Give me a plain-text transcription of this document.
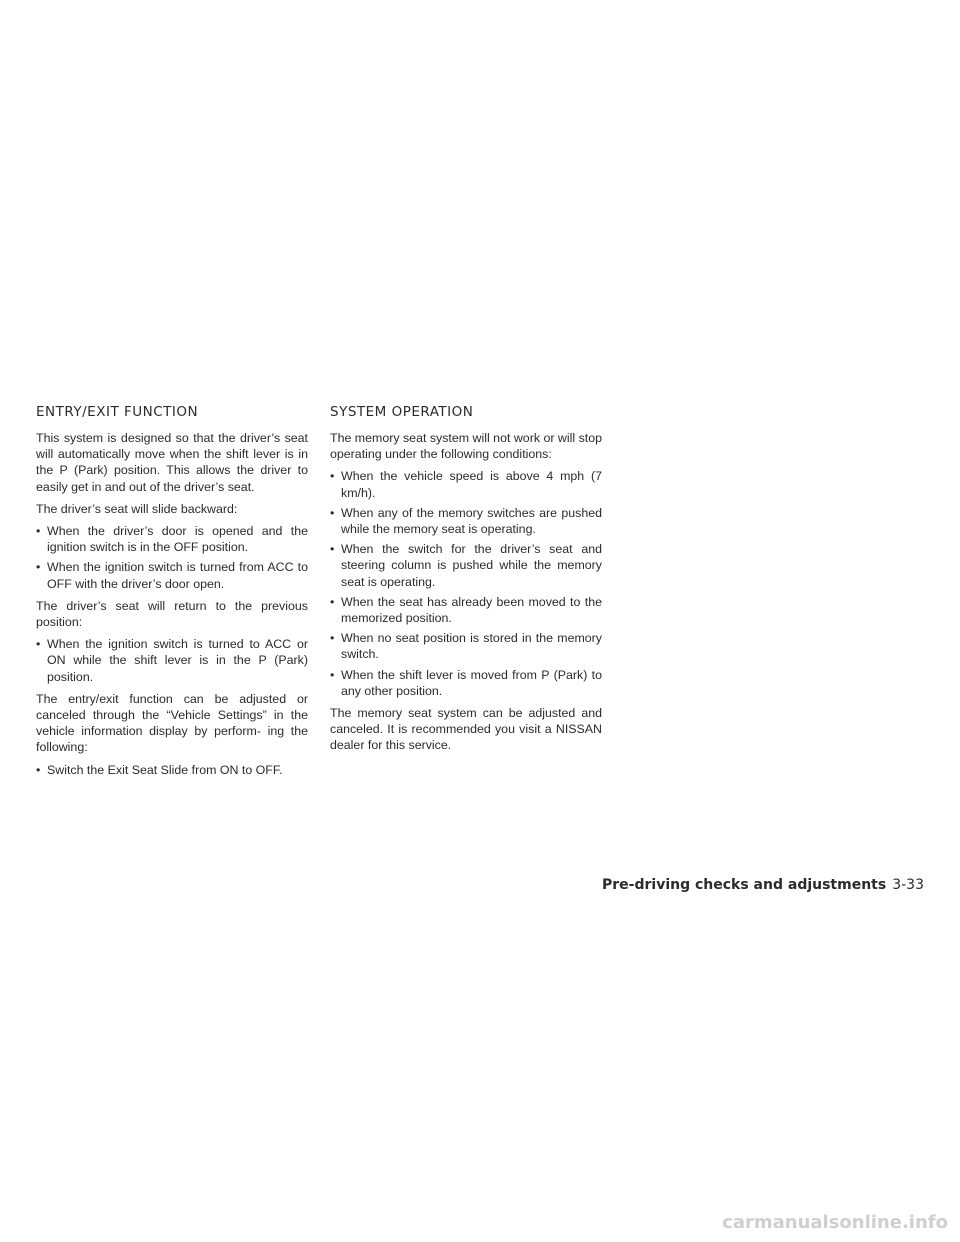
ENTRY/EXIT FUNCTION

This system is designed so that the driver’s seat will automatically move when the shift lever is in the P (Park) position. This allows the driver to easily get in and out of the driver’s seat.

The driver’s seat will slide backward:

• When the driver’s door is opened and the ignition switch is in the OFF position.
• When the ignition switch is turned from ACC to OFF with the driver’s door open.

The driver’s seat will return to the previous position:

• When the ignition switch is turned to ACC or ON while the shift lever is in the P (Park) position.

The entry/exit function can be adjusted or canceled through the “Vehicle Settings” in the vehicle information display by perform- ing the following:

• Switch the Exit Seat Slide from ON to OFF.
SYSTEM OPERATION

The memory seat system will not work or will stop operating under the following conditions:

• When the vehicle speed is above 4 mph (7 km/h).
• When any of the memory switches are pushed while the memory seat is operating.
• When the switch for the driver’s seat and steering column is pushed while the memory seat is operating.
• When the seat has already been moved to the memorized position.
• When no seat position is stored in the memory switch.
• When the shift lever is moved from P (Park) to any other position.

The memory seat system can be adjusted and canceled. It is recommended you visit a NISSAN dealer for this service.

Pre-driving checks and adjustments 3-33
carmanualsonline.info
